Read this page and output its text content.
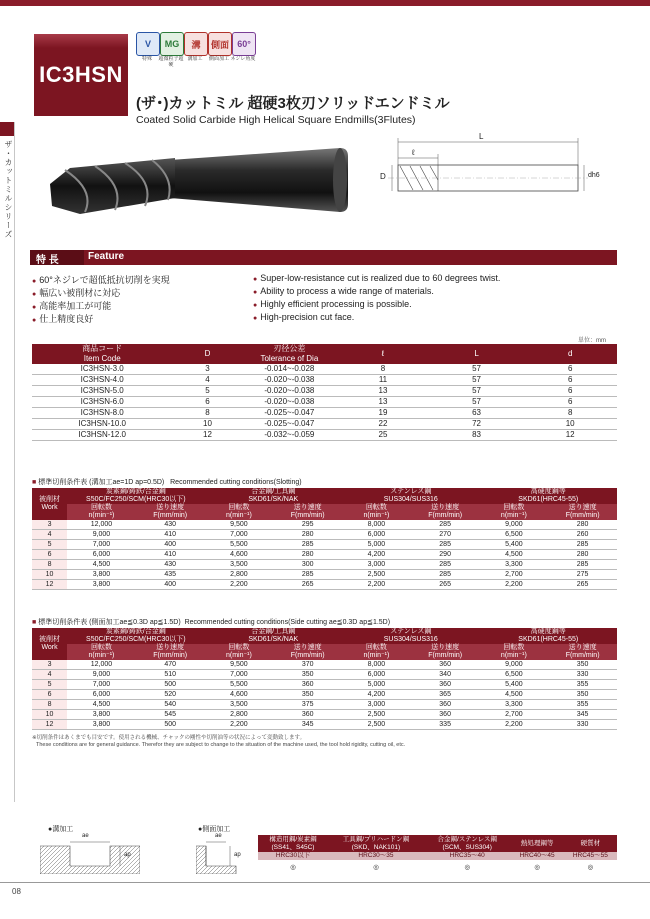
IC3HSN
V
特殊
MG
超微粒子超硬
溝
溝加工
側面
側面加工
60°
ネジレ角度
(ザ･)カットミル 超硬3枚刃ソリッドエンドミル
Coated Solid Carbide High Helical Square Endmills(3Flutes)
ザ・カットミルシリーズ
L
ℓ
D	dh6
特 長	Feature
● 60°ネジレで超低抵抗切削を実現
● 幅広い被削材に対応
● 高能率加工が可能
● 仕上精度良好
● Super-low-resistance cut is realized due to 60 degrees twist.
● Ability to process a wide range of materials.
● Highly efficient processing is possible.
● High-precision cut face.
単位：mm
商品コード
Item Code	D	刃径公差
Tolerance of Dia	ℓ	L	d
IC3HSN-3.0	3	-0.014~-0.028	8	57	6
IC3HSN-4.0	4	-0.020~-0.038	11	57	6
IC3HSN-5.0	5	-0.020~-0.038	13	57	6
IC3HSN-6.0	6	-0.020~-0.038	13	57	6
IC3HSN-8.0	8	-0.025~-0.047	19	63	8
IC3HSN-10.0	10	-0.025~-0.047	22	72	10
IC3HSN-12.0	12	-0.032~-0.059	25	83	12
■ 標準切削条件表 (溝加工ae=1D ap=0.5D) Recommended cutting conditions(Slotting)
被削材
Work	炭素鋼/鋳鉄/合金鋼
S50C/FC250/SCM(HRC30以下)		合金鋼/工具鋼
SKD61/SK/NAK		ステンレス鋼
SUS304/SUS316		高硬度鋼等
SKD61(HRC45-55)	
	回転数
n(min⁻¹)	送り速度
F(mm/min)	回転数
n(min⁻¹)	送り速度
F(mm/min)	回転数
n(min⁻¹)	送り速度
F(mm/min)	回転数
n(min⁻¹)	送り速度
F(mm/min)
3	12,000	430	9,500	295	8,000	285	9,000	280
4	9,000	410	7,000	280	6,000	270	6,500	260
5	7,000	400	5,500	285	5,000	285	5,400	285
6	6,000	410	4,600	280	4,200	290	4,500	280
8	4,500	430	3,500	300	3,000	285	3,300	285
10	3,800	435	2,800	285	2,500	285	2,700	275
12	3,800	400	2,200	265	2,200	265	2,200	265
■ 標準切削条件表 (側面加工ae≦0.3D ap≦1.5D) Recommended cutting conditions(Side cutting ae≦0.3D ap≦1.5D)
被削材
Work	炭素鋼/鋳鉄/合金鋼
S50C/FC250/SCM(HRC30以下)		合金鋼/工具鋼
SKD61/SK/NAK		ステンレス鋼
SUS304/SUS316		高硬度鋼等
SKD61(HRC45-55)	
	回転数
n(min⁻¹)	送り速度
F(mm/min)	回転数
n(min⁻¹)	送り速度
F(mm/min)	回転数
n(min⁻¹)	送り速度
F(mm/min)	回転数
n(min⁻¹)	送り速度
F(mm/min)
3	12,000	470	9,500	370	8,000	360	9,000	350
4	9,000	510	7,000	350	6,000	340	6,500	330
5	7,000	500	5,500	360	5,000	360	5,400	355
6	6,000	520	4,600	350	4,200	365	4,500	350
8	4,500	540	3,500	375	3,000	360	3,300	355
10	3,800	545	2,800	360	2,500	360	2,700	345
12	3,800	500	2,200	345	2,500	335	2,200	330
※切削条件はあくまでも目安です。使用される機械、チャックの剛性や切削油等の状況によって変動致します。
These conditions are for general guidance. Therefor they are subject to change to the situation of the machine used, the tool hold rigidity, cutting oil, etc.
●溝加工
ae
ap
●側面加工
ae
ap
構造用鋼/炭素鋼
(SS41、S45C)	工具鋼/プリハードン鋼
(SKD、NAK101)	合金鋼/ステンレス鋼
(SCM、SUS304)	熱処理鋼等	硬質材
HRC30以下	HRC30～35	HRC35～40	HRC40～45	HRC45～55
◎	◎	◎	◎	◎
08
